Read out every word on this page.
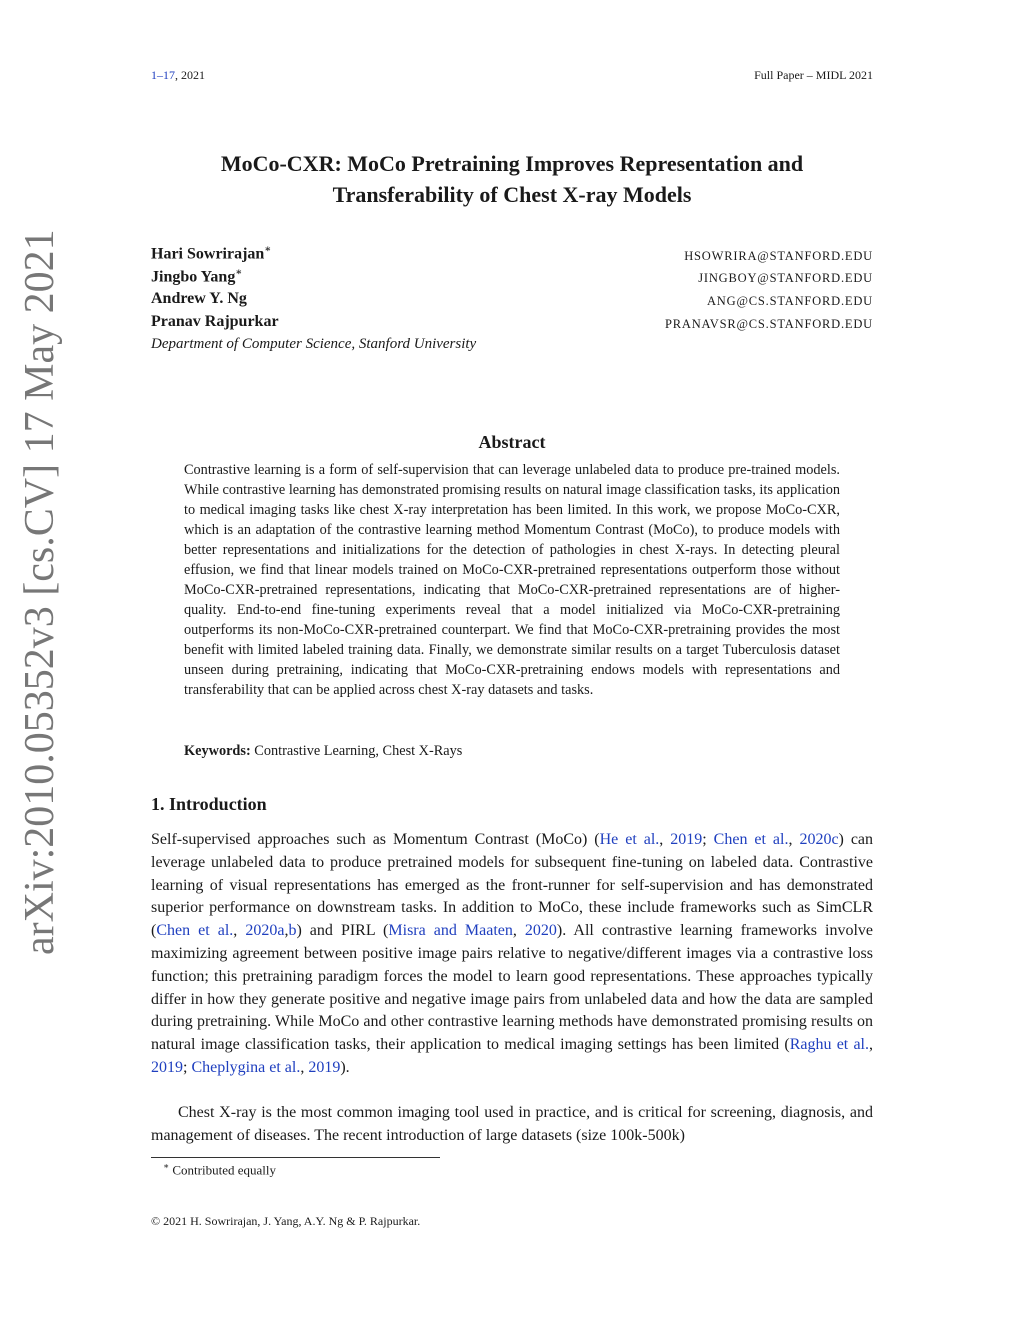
1–17, 2021	Full Paper – MIDL 2021
MoCo-CXR: MoCo Pretraining Improves Representation and
Transferability of Chest X-ray Models
Hari Sowrirajan∗	HSOWRIRA@STANFORD.EDU
Jingbo Yang∗	JINGBOY@STANFORD.EDU
Andrew Y. Ng	ANG@CS.STANFORD.EDU
Pranav Rajpurkar	PRANAVSR@CS.STANFORD.EDU
Department of Computer Science, Stanford University
arXiv:2010.05352v3 [cs.CV] 17 May 2021	Abstract
Contrastive learning is a form of self-supervision that can leverage unlabeled data to produce pre-trained models. While contrastive learning has demonstrated promising results on natural image classification tasks, its application to medical imaging tasks like chest X-ray interpretation has been limited. In this work, we propose MoCo-CXR, which is an adaptation of the contrastive learning method Momentum Contrast (MoCo), to produce models with better representations and initializations for the detection of pathologies in chest X-rays. In detecting pleural effusion, we find that linear models trained on MoCo-CXR-pretrained representations outperform those without MoCo-CXR-pretrained representations, indicating that MoCo-CXR-pretrained representations are of higher-quality. End-to-end fine-tuning experiments reveal that a model initialized via MoCo-CXR-pretraining outperforms its non-MoCo-CXR-pretrained counterpart. We find that MoCo-CXR-pretraining provides the most benefit with limited labeled training data. Finally, we demonstrate similar results on a target Tuberculosis dataset unseen during pretraining, indicating that MoCo-CXR-pretraining endows models with representations and transferability that can be applied across chest X-ray datasets and tasks.
Keywords: Contrastive Learning, Chest X-Rays
1. Introduction
Self-supervised approaches such as Momentum Contrast (MoCo) (He et al., 2019; Chen et al., 2020c) can leverage unlabeled data to produce pretrained models for subsequent fine-tuning on labeled data. Contrastive learning of visual representations has emerged as the front-runner for self-supervision and has demonstrated superior performance on downstream tasks. In addition to MoCo, these include frameworks such as SimCLR (Chen et al., 2020a,b) and PIRL (Misra and Maaten, 2020). All contrastive learning frameworks involve maximizing agreement between positive image pairs relative to negative/different images via a contrastive loss function; this pretraining paradigm forces the model to learn good representations. These approaches typically differ in how they generate positive and negative image pairs from unlabeled data and how the data are sampled during pretraining. While MoCo and other contrastive learning methods have demonstrated promising results on natural image classification tasks, their application to medical imaging settings has been limited (Raghu et al., 2019; Cheplygina et al., 2019).
Chest X-ray is the most common imaging tool used in practice, and is critical for screening, diagnosis, and management of diseases. The recent introduction of large datasets (size 100k-500k)
∗ Contributed equally
© 2021 H. Sowrirajan, J. Yang, A.Y. Ng & P. Rajpurkar.
